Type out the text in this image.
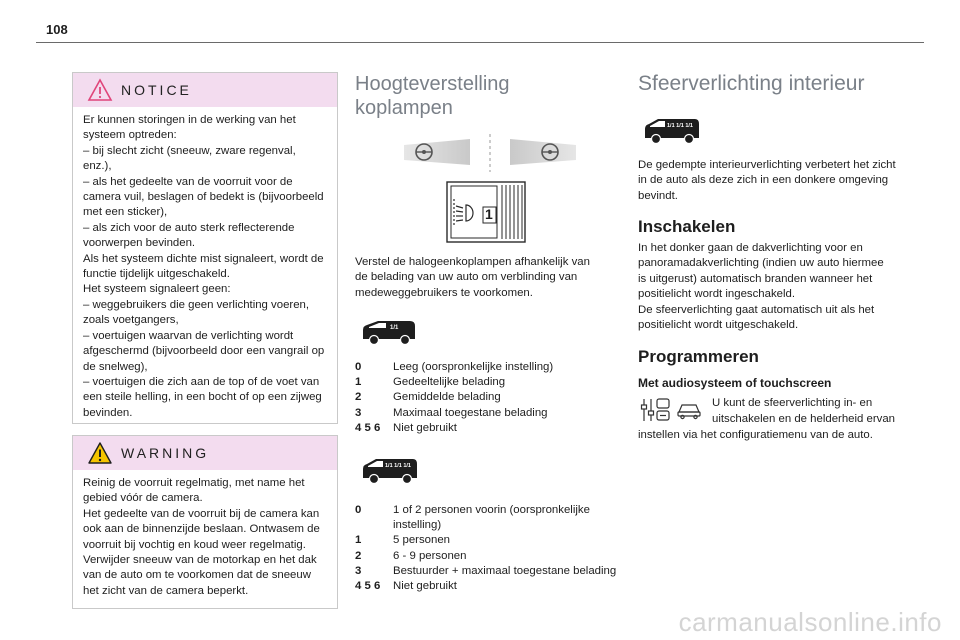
108
NOTICE
Er kunnen storingen in de werking van het
systeem optreden:
– bij slecht zicht (sneeuw, zware regenval,
enz.),
– als het gedeelte van de voorruit voor de
camera vuil, beslagen of bedekt is (bijvoorbeeld
met een sticker),
– als zich voor de auto sterk reflecterende
voorwerpen bevinden.
Als het systeem dichte mist signaleert, wordt de
functie tijdelijk uitgeschakeld.
Het systeem signaleert geen:
– weggebruikers die geen verlichting voeren,
zoals voetgangers,
– voertuigen waarvan de verlichting wordt
afgeschermd (bijvoorbeeld door een vangrail op
de snelweg),
– voertuigen die zich aan de top of de voet van
een steile helling, in een bocht of op een zijweg
bevinden.
WARNING
Reinig de voorruit regelmatig, met name het
gebied vóór de camera.
Het gedeelte van de voorruit bij de camera kan
ook aan de binnenzijde beslaan. Ontwasem de
voorruit bij vochtig en koud weer regelmatig.
Verwijder sneeuw van de motorkap en het dak
van de auto om te voorkomen dat de sneeuw
het zicht van de camera beperkt.
Hoogteverstelling
koplampen
1
Verstel de halogeenkoplampen afhankelijk van
de belading van uw auto om verblinding van
medeweggebruikers te voorkomen.
1/1
0	Leeg (oorspronkelijke instelling)
1	Gedeeltelijke belading
2	Gemiddelde belading
3	Maximaal toegestane belading
4 5 6	Niet gebruikt
1/1 1/1 1/1
0	1 of 2 personen voorin (oorspronkelijke
instelling)
1	5 personen
2	6 - 9 personen
3	Bestuurder + maximaal toegestane belading
4 5 6	Niet gebruikt
Sfeerverlichting interieur
1/1 1/1 1/1
De gedempte interieurverlichting verbetert het zicht
in de auto als deze zich in een donkere omgeving
bevindt.
Inschakelen
In het donker gaan de dakverlichting voor en
panoramadakverlichting (indien uw auto hiermee
is uitgerust) automatisch branden wanneer het
positielicht wordt ingeschakeld.
De sfeerverlichting gaat automatisch uit als het
positielicht wordt uitgeschakeld.
Programmeren
Met audiosysteem of touchscreen
U kunt de sfeerverlichting in- en
uitschakelen en de helderheid ervan
instellen via het configuratiemenu van de auto.
carmanualsonline.info
